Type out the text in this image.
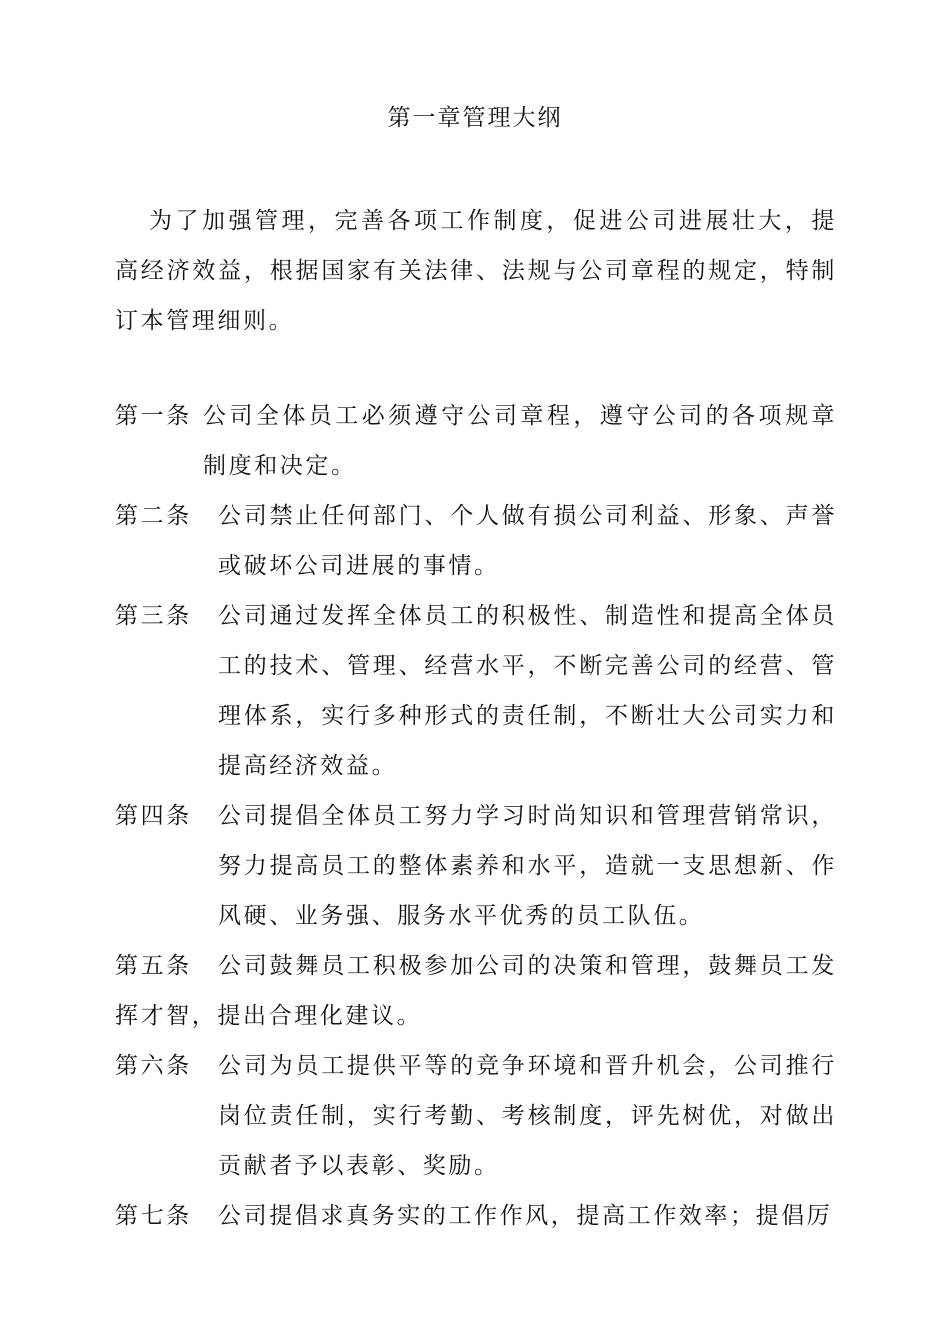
第一章管理大纲
为了加强管理，完善各项工作制度，促进公司进展壮大，提高经济效益，根据国家有关法律、法规与公司章程的规定，特制订本管理细则。
第一条 公司全体员工必须遵守公司章程，遵守公司的各项规章制度和决定。
第二条 公司禁止任何部门、个人做有损公司利益、形象、声誉或破坏公司进展的事情。
第三条 公司通过发挥全体员工的积极性、制造性和提高全体员工的技术、管理、经营水平，不断完善公司的经营、管理体系，实行多种形式的责任制，不断壮大公司实力和提高经济效益。
第四条 公司提倡全体员工努力学习时尚知识和管理营销常识，努力提高员工的整体素养和水平，造就一支思想新、作风硬、业务强、服务水平优秀的员工队伍。
第五条	公司鼓舞员工积极参加公司的决策和管理，鼓舞员工发挥才智，提出合理化建议。
第六条 公司为员工提供平等的竞争环境和晋升机会，公司推行岗位责任制，实行考勤、考核制度，评先树优，对做出贡献者予以表彰、奖励。
第七条 公司提倡求真务实的工作作风，提高工作效率；提倡厉
